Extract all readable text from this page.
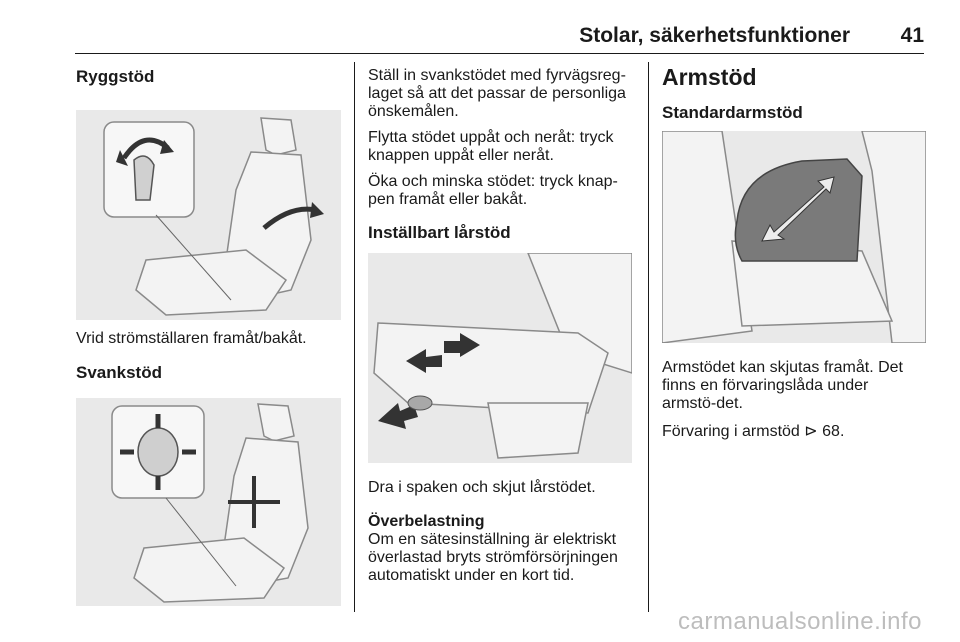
Stolar, säkerhetsfunktioner 41
Ryggstöd

Vrid strömställaren framåt/bakåt.

Svankstöd

Ställ in svankstödet med fyrvägsreg-laget så att det passar de personliga önskemålen.

Flytta stödet uppåt och neråt: tryck knappen uppåt eller neråt.

Öka och minska stödet: tryck knap-pen framåt eller bakåt.

Inställbart lårstöd

Dra i spaken och skjut lårstödet.

Överbelastning

Om en sätesinställning är elektriskt överlastad bryts strömförsörjningen automatiskt under en kort tid.

Armstöd
Standardarmstöd

Armstödet kan skjutas framåt. Det finns en förvaringslåda under armstö-det.

Förvaring i armstöd ⊳ 68.

carmanualsonline.info
